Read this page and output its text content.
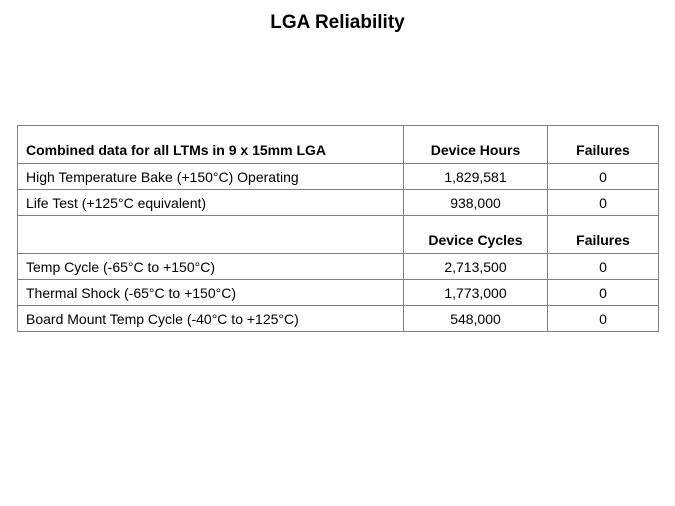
LGA Reliability
Combined data for all LTMs in 9 x 15mm LGA	Device Hours	Failures
High Temperature Bake (+150°C) Operating	1,829,581	0
Life Test (+125°C equivalent)	938,000	0
	Device Cycles	Failures
Temp Cycle (-65°C to +150°C)	2,713,500	0
Thermal Shock (-65°C to +150°C)	1,773,000	0
Board Mount Temp Cycle (-40°C to +125°C)	548,000	0
